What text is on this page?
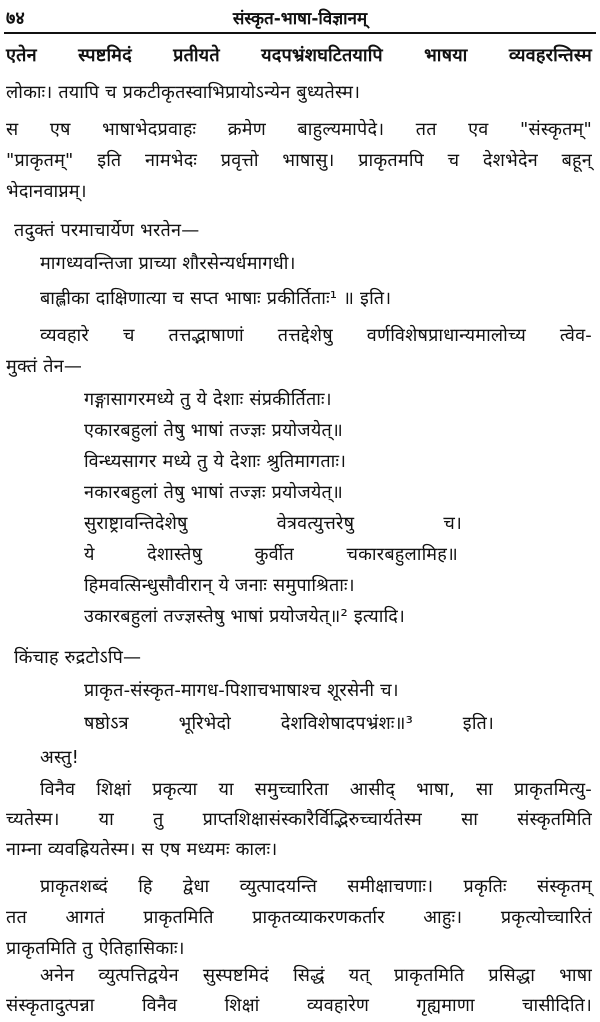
७४	संस्कृत-भाषा-विज्ञानम्
एतेन स्पष्टमिदं प्रतीयते यदपभ्रंशघटितयापि भाषया व्यवहरन्तिस्म
लोकाः। तयापि च प्रकटीकृतस्वाभिप्रायोऽन्येन बुध्यतेस्म।
स एष भाषाभेदप्रवाहः क्रमेण बाहुल्यमापेदे। तत एव "संस्कृतम्"
"प्राकृतम्" इति नामभेदः प्रवृत्तो भाषासु। प्राकृतमपि च देशभेदेन बहून्
भेदानवाप्नम्।
तदुक्तं परमाचार्येण भरतेन—
मागध्यवन्तिजा प्राच्या शौरसेन्यर्धमागधी।
बाह्लीका दाक्षिणात्या च सप्त भाषाः प्रकीर्तिताः¹ ॥ इति।
व्यवहारे च तत्तद्भाषाणां तत्तद्देशेषु वर्णविशेषप्राधान्यमालोच्य त्वेव-
मुक्तं तेन—
गङ्गासागरमध्ये तु ये देशाः संप्रकीर्तिताः।
एकारबहुलां तेषु भाषां तज्ज्ञः प्रयोजयेत्॥
विन्ध्यसागर मध्ये तु ये देशाः श्रुतिमागताः।
नकारबहुलां तेषु भाषां तज्ज्ञः प्रयोजयेत्॥
सुराष्ट्रावन्तिदेशेषु वेत्रवत्युत्तरेषु च।
ये देशास्तेषु कुर्वीत चकारबहुलामिह॥
हिमवत्सिन्धुसौवीरान् ये जनाः समुपाश्रिताः।
उकारबहुलां तज्ज्ञस्तेषु भाषां प्रयोजयेत्॥² इत्यादि।
किंचाह रुद्रटोऽपि—
प्राकृत-संस्कृत-मागध-पिशाचभाषाश्च शूरसेनी च।
षष्ठोऽत्र भूरिभेदो देशविशेषादपभ्रंशः॥³ इति।
अस्तु!
विनैव शिक्षां प्रकृत्या या समुच्चारिता आसीद् भाषा, सा प्राकृतमित्यु-
च्यतेस्म। या तु प्राप्तशिक्षासंस्कारैर्विद्भिरुच्चार्यतेस्म सा संस्कृतमिति
नाम्ना व्यवह्रियतेस्म। स एष मध्यमः कालः।
प्राकृतशब्दं हि द्वेधा व्युत्पादयन्ति समीक्षाचणाः। प्रकृतिः संस्कृतम्
तत आगतं प्राकृतमिति प्राकृतव्याकरणकर्तार आहुः। प्रकृत्योच्चारितं
प्राकृतमिति तु ऐतिहासिकाः।
अनेन व्युत्पत्तिद्वयेन सुस्पष्टमिदं सिद्धं यत् प्राकृतमिति प्रसिद्धा भाषा
संस्कृतादुत्पन्ना विनैव शिक्षां व्यवहारेण गृह्यमाणा चासीदिति।
